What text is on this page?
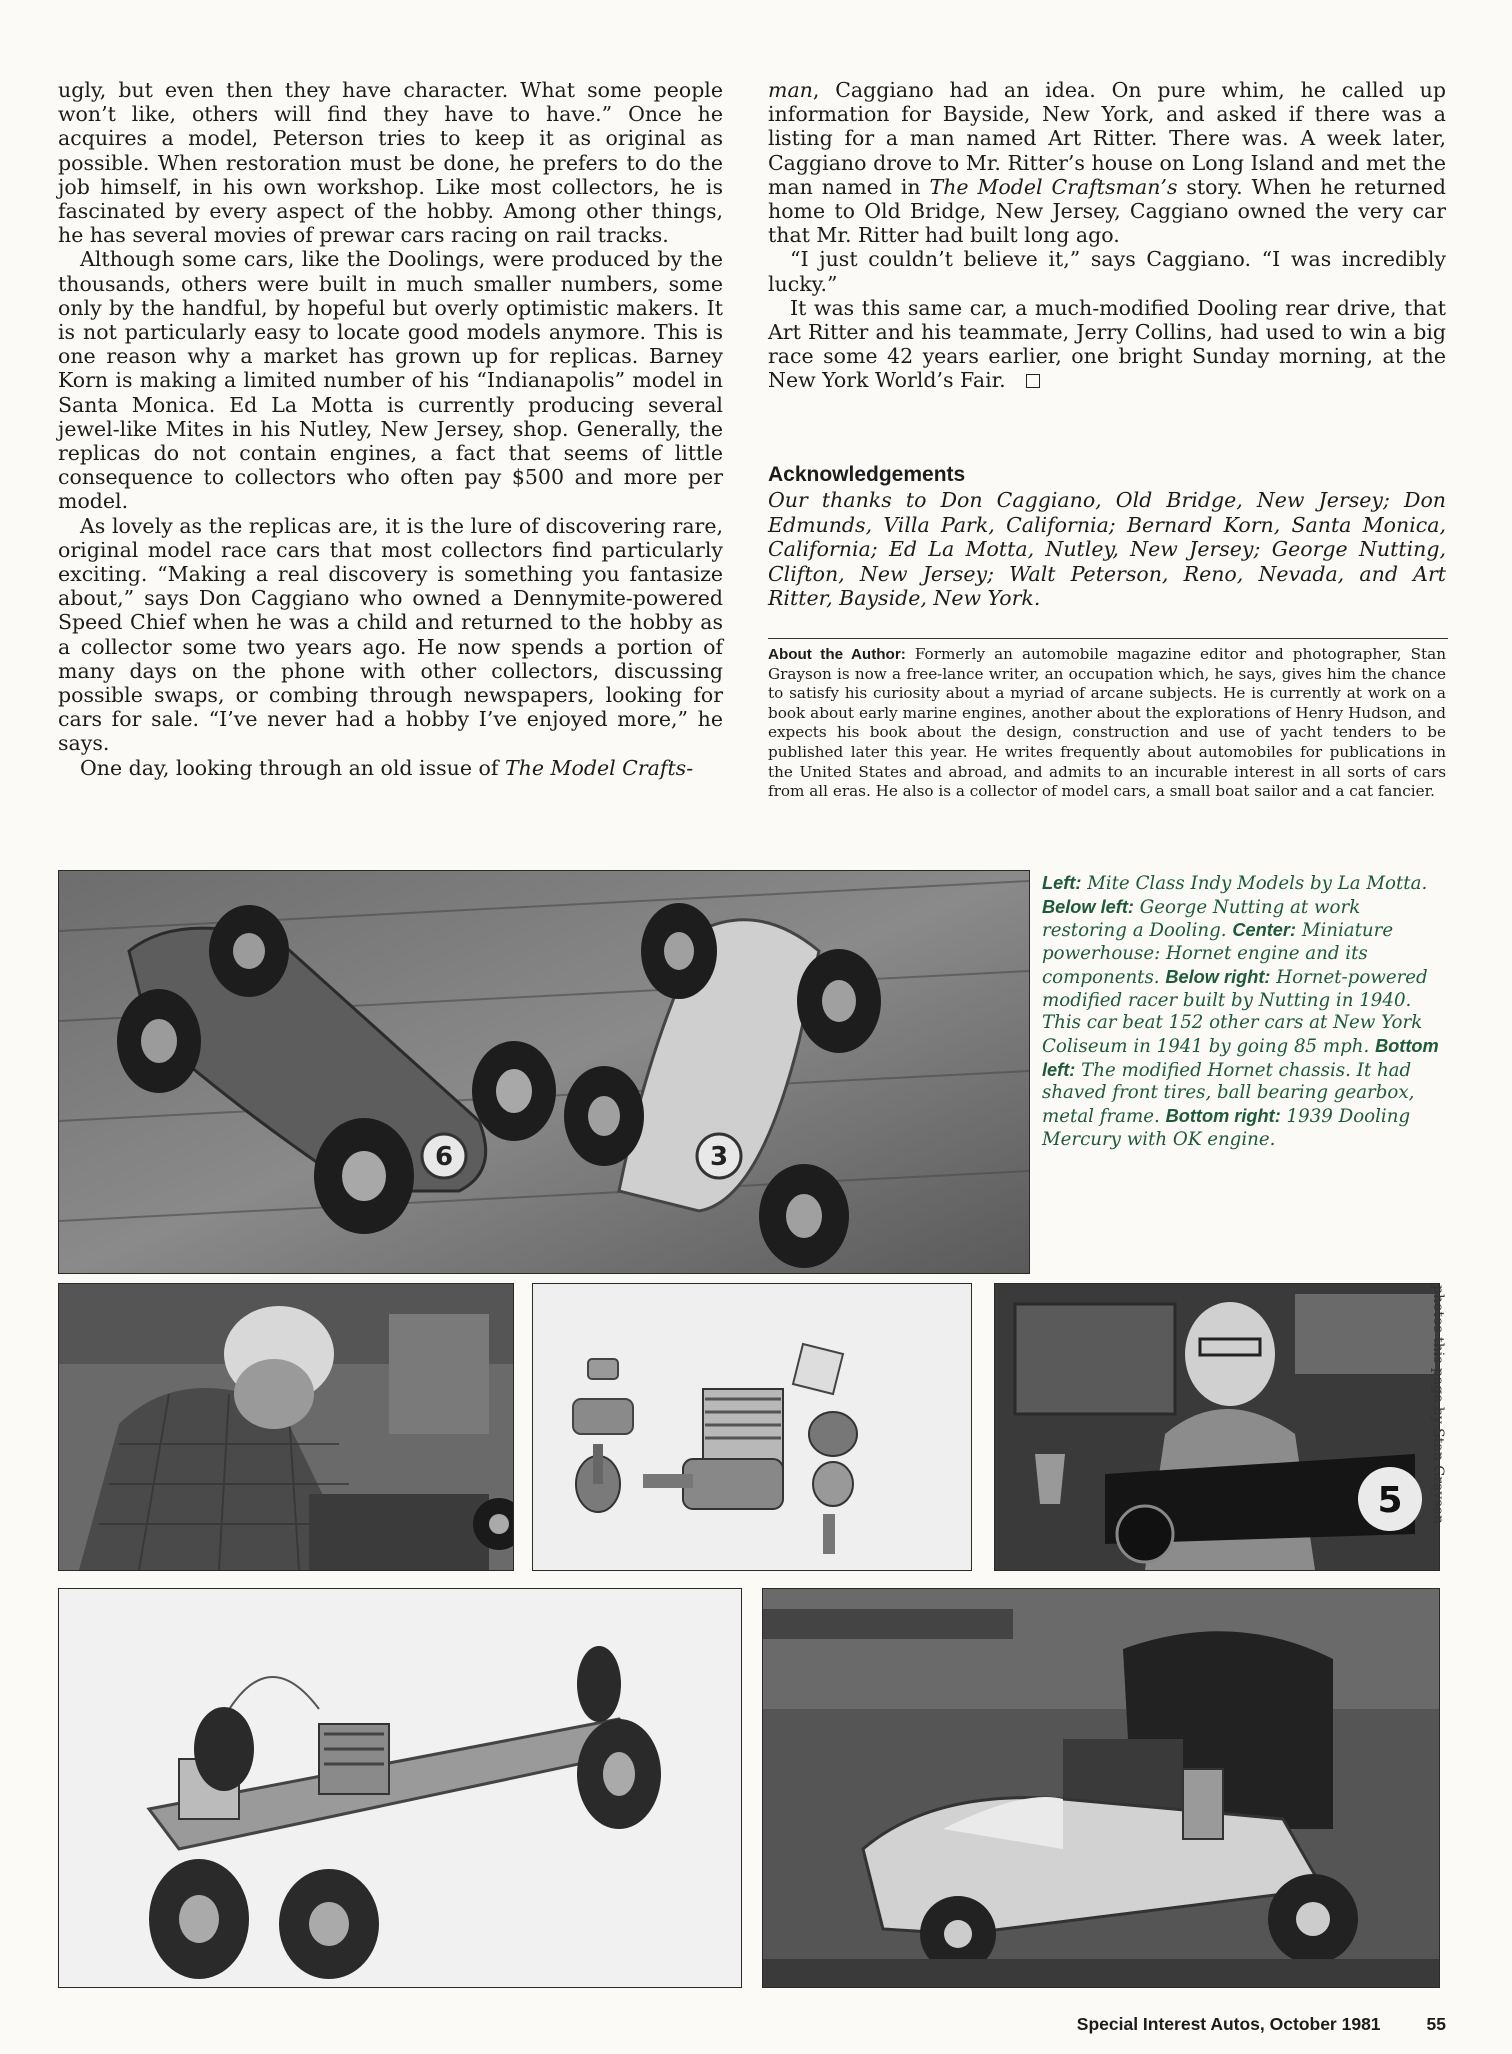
ugly, but even then they have character. What some people won’t like, others will find they have to have.” Once he acquires a model, Peterson tries to keep it as original as possible. When restoration must be done, he prefers to do the job himself, in his own workshop. Like most collectors, he is fascinated by every aspect of the hobby. Among other things, he has several movies of prewar cars racing on rail tracks.

Although some cars, like the Doolings, were produced by the thousands, others were built in much smaller numbers, some only by the handful, by hopeful but overly optimistic makers. It is not particularly easy to locate good models anymore. This is one reason why a market has grown up for replicas. Barney Korn is making a limited number of his “Indianapolis” model in Santa Monica. Ed La Motta is currently producing several jewel-like Mites in his Nutley, New Jersey, shop. Generally, the replicas do not contain engines, a fact that seems of little consequence to collectors who often pay $500 and more per model.

As lovely as the replicas are, it is the lure of discovering rare, original model race cars that most collectors find particularly exciting. “Making a real discovery is something you fantasize about,” says Don Caggiano who owned a Dennymite-powered Speed Chief when he was a child and returned to the hobby as a collector some two years ago. He now spends a portion of many days on the phone with other collectors, discussing possible swaps, or combing through newspapers, looking for cars for sale. “I’ve never had a hobby I’ve enjoyed more,” he says.

One day, looking through an old issue of The Model Crafts-

man, Caggiano had an idea. On pure whim, he called up information for Bayside, New York, and asked if there was a listing for a man named Art Ritter. There was. A week later, Caggiano drove to Mr. Ritter’s house on Long Island and met the man named in The Model Craftsman’s story. When he returned home to Old Bridge, New Jersey, Caggiano owned the very car that Mr. Ritter had built long ago.

“I just couldn’t believe it,” says Caggiano. “I was incredibly lucky.”

It was this same car, a much-modified Dooling rear drive, that Art Ritter and his teammate, Jerry Collins, had used to win a big race some 42 years earlier, one bright Sunday morning, at the New York World’s Fair.

Acknowledgements
Our thanks to Don Caggiano, Old Bridge, New Jersey; Don Edmunds, Villa Park, California; Bernard Korn, Santa Monica, California; Ed La Motta, Nutley, New Jersey; George Nutting, Clifton, New Jersey; Walt Peterson, Reno, Nevada, and Art Ritter, Bayside, New York.
About the Author: Formerly an automobile magazine editor and photographer, Stan Grayson is now a free-lance writer, an occupation which, he says, gives him the chance to satisfy his curiosity about a myriad of arcane subjects. He is currently at work on a book about early marine engines, another about the explorations of Henry Hudson, and expects his book about the design, construction and use of yacht tenders to be published later this year. He writes frequently about automobiles for publications in the United States and abroad, and admits to an incurable interest in all sorts of cars from all eras. He also is a collector of model cars, a small boat sailor and a cat fancier.
6	3
Left: Mite Class Indy Models by La Motta. Below left: George Nutting at work restoring a Dooling. Center: Miniature powerhouse: Hornet engine and its components. Below right: Hornet-powered modified racer built by Nutting in 1940. This car beat 152 other cars at New York Coliseum in 1941 by going 85 mph. Bottom left: The modified Hornet chassis. It had shaved front tires, ball bearing gearbox, metal frame. Bottom right: 1939 Dooling Mercury with OK engine.
5 photos this page by Stan Grayson
Special Interest Autos, October 1981	55
